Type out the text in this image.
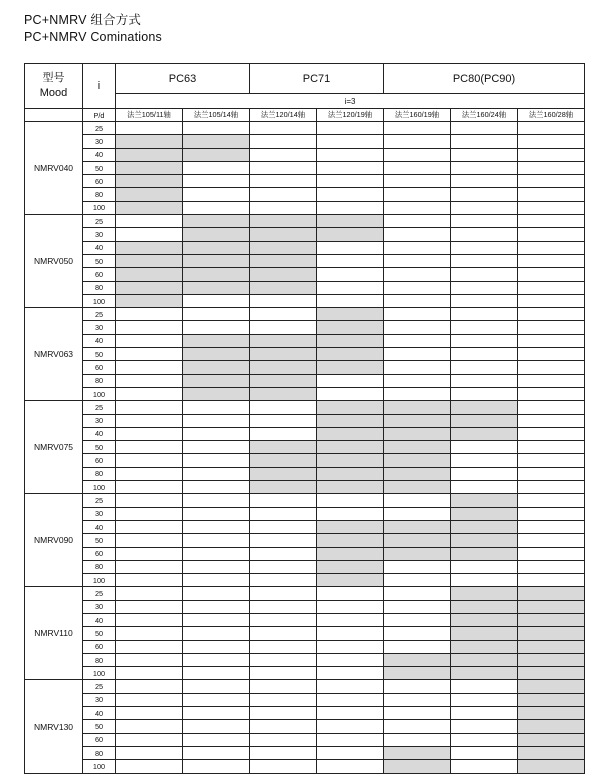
PC+NMRV 组合方式
PC+NMRV Cominations
型号
Mood	i	PC63		PC71		PC80(PC90)		
		i=3						
	P/d	法兰105/11轴	法兰105/14轴	法兰120/14轴	法兰120/19轴	法兰160/19轴	法兰160/24轴	法兰160/28轴
NMRV040	25							
	30							
	40							
	50							
	60							
	80							
	100							
NMRV050	25							
	30							
	40							
	50							
	60							
	80							
	100							
NMRV063	25							
	30							
	40							
	50							
	60							
	80							
	100							
NMRV075	25							
	30							
	40							
	50							
	60							
	80							
	100							
NMRV090	25							
	30							
	40							
	50							
	60							
	80							
	100							
NMRV110	25							
	30							
	40							
	50							
	60							
	80							
	100							
NMRV130	25							
	30							
	40							
	50							
	60							
	80							
	100							
